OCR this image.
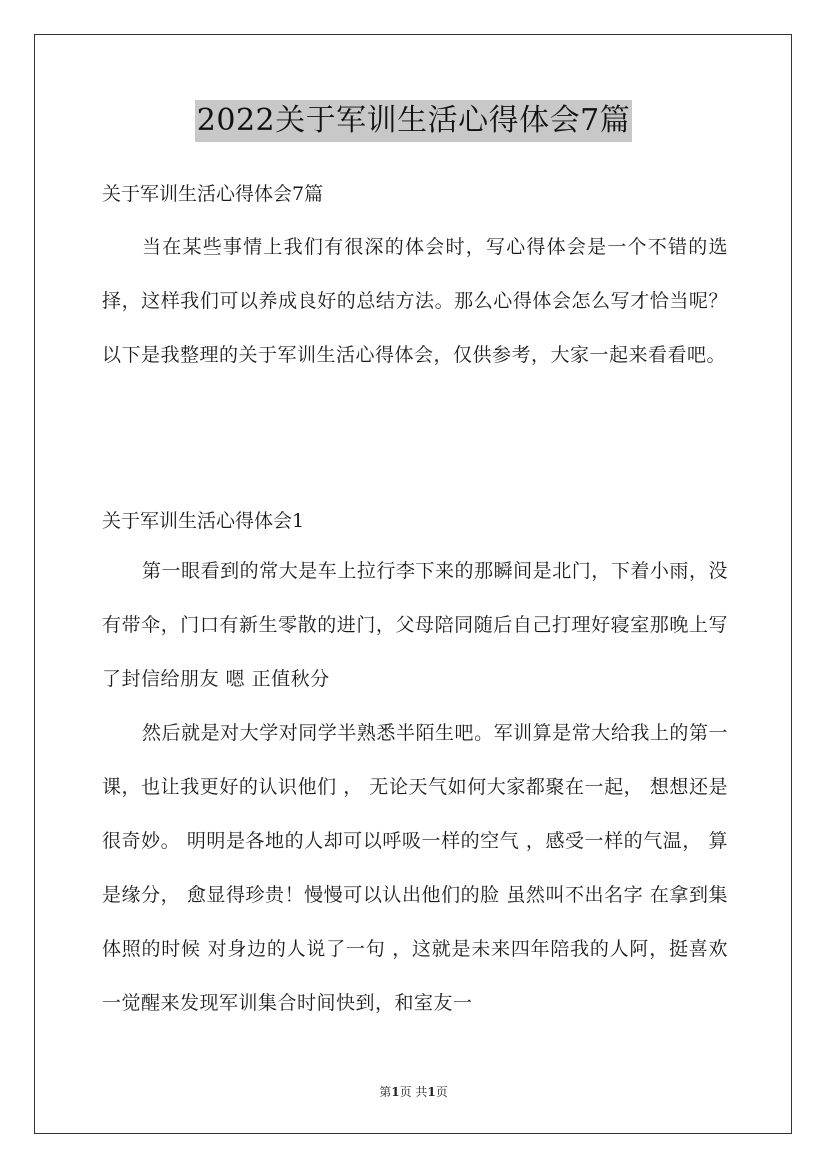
2022关于军训生活心得体会7篇
关于军训生活心得体会7篇
当在某些事情上我们有很深的体会时，写心得体会是一个不错的选择，这样我们可以养成良好的总结方法。那么心得体会怎么写才恰当呢？以下是我整理的关于军训生活心得体会，仅供参考，大家一起来看看吧。
关于军训生活心得体会1
第一眼看到的常大是车上拉行李下来的那瞬间是北门，下着小雨，没有带伞，门口有新生零散的进门，父母陪同随后自己打理好寝室那晚上写了封信给朋友 嗯 正值秋分
然后就是对大学对同学半熟悉半陌生吧。军训算是常大给我上的第一课，也让我更好的认识他们 ， 无论天气如何大家都聚在一起， 想想还是很奇妙。 明明是各地的人却可以呼吸一样的空气 ，感受一样的气温， 算是缘分， 愈显得珍贵！慢慢可以认出他们的脸 虽然叫不出名字 在拿到集体照的时候 对身边的人说了一句 ，这就是未来四年陪我的人阿，挺喜欢一觉醒来发现军训集合时间快到，和室友一
第1页 共1页
